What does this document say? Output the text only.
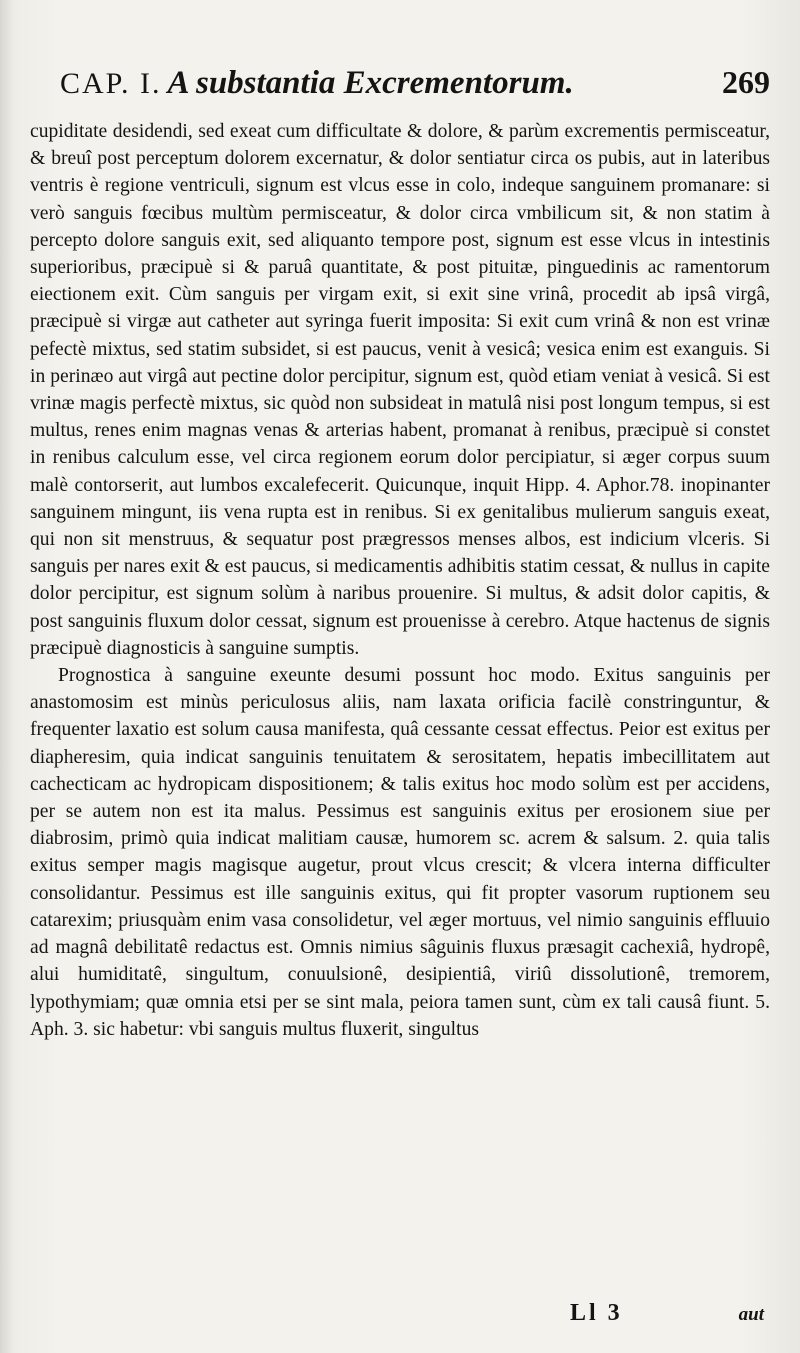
CAP. I. A substantia Excrementorum.	269

cupiditate desidendi, sed exeat cum difficultate & dolore, & parùm excrementis permisceatur, & breuî post perceptum dolorem excernatur, & dolor sentiatur circa os pubis, aut in lateribus ventris è regione ventriculi, signum est vlcus esse in colo, indeque sanguinem promanare: si verò sanguis fœcibus multùm permisceatur, & dolor circa vmbilicum sit, & non statim à percepto dolore sanguis exit, sed aliquanto tempore post, signum est esse vlcus in intestinis superioribus, præcipuè si & paruâ quantitate, & post pituitæ, pinguedinis ac ramentorum eiectionem exit. Cùm sanguis per virgam exit, si exit sine vrinâ, procedit ab ipsâ virgâ, præcipuè si virgæ aut catheter aut syringa fuerit imposita: Si exit cum vrinâ & non est vrinæ pefectè mixtus, sed statim subsidet, si est paucus, venit à vesicâ; vesica enim est exanguis. Si in perinæo aut virgâ aut pectine dolor percipitur, signum est, quòd etiam veniat à vesicâ. Si est vrinæ magis perfectè mixtus, sic quòd non subsideat in matulâ nisi post longum tempus, si est multus, renes enim magnas venas & arterias habent, promanat à renibus, præcipuè si constet in renibus calculum esse, vel circa regionem eorum dolor percipiatur, si æger corpus suum malè contorserit, aut lumbos excalefecerit. Quicunque, inquit Hipp. 4. Aphor.78. inopinanter sanguinem mingunt, iis vena rupta est in renibus. Si ex genitalibus mulierum sanguis exeat, qui non sit menstruus, & sequatur post prægressos menses albos, est indicium vlceris. Si sanguis per nares exit & est paucus, si medicamentis adhibitis statim cessat, & nullus in capite dolor percipitur, est signum solùm à naribus prouenire. Si multus, & adsit dolor capitis, & post sanguinis fluxum dolor cessat, signum est prouenisse à cerebro. Atque hactenus de signis præcipuè diagnosticis à sanguine sumptis.

Prognostica à sanguine exeunte desumi possunt hoc modo. Exitus sanguinis per anastomosim est minùs periculosus aliis, nam laxata orificia facilè constringuntur, & frequenter laxatio est solum causa manifesta, quâ cessante cessat effectus. Peior est exitus per diapheresim, quia indicat sanguinis tenuitatem & serositatem, hepatis imbecillitatem aut cachecticam ac hydropicam dispositionem; & talis exitus hoc modo solùm est per accidens, per se autem non est ita malus. Pessimus est sanguinis exitus per erosionem siue per diabrosim, primò quia indicat malitiam causæ, humorem sc. acrem & salsum. 2. quia talis exitus semper magis magisque augetur, prout vlcus crescit; & vlcera interna difficulter consolidantur. Pessimus est ille sanguinis exitus, qui fit propter vasorum ruptionem seu catarexim; priusquàm enim vasa consolidetur, vel æger mortuus, vel nimio sanguinis effluuio ad magnâ debilitatê redactus est. Omnis nimius sâguinis fluxus præsagit cachexiâ, hydropê, alui humiditatê, singultum, conuulsionê, desipientiâ, viriû dissolutionê, tremorem, lypothymiam; quæ omnia etsi per se sint mala, peiora tamen sunt, cùm ex tali causâ fiunt. 5. Aph. 3. sic habetur: vbi sanguis multus fluxerit, singultus

Ll 3	aut
